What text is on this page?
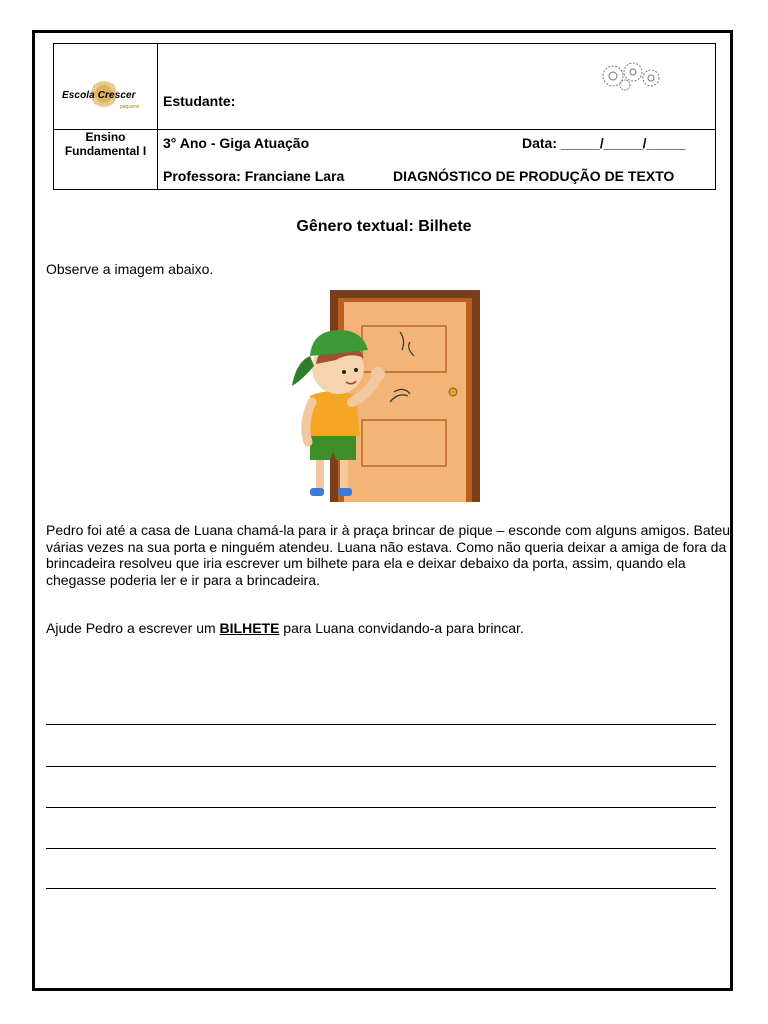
Escola Crescer
pequeno Estudante:
Ensino Fundamental I	3° Ano - Giga Atuação	Data: _____/_____/_____
Professora: Franciane Lara	DIAGNÓSTICO DE PRODUÇÃO DE TEXTO
Gênero textual: Bilhete
Observe a imagem abaixo.
Pedro foi até a casa de Luana chamá-la para ir à praça brincar de pique – esconde com alguns amigos. Bateu várias vezes na sua porta e ninguém atendeu. Luana não estava. Como não queria deixar a amiga de fora da brincadeira resolveu que iria escrever um bilhete para ela e deixar debaixo da porta, assim, quando ela chegasse poderia ler e ir para a brincadeira.
Ajude Pedro a escrever um BILHETE para Luana convidando-a para brincar.
